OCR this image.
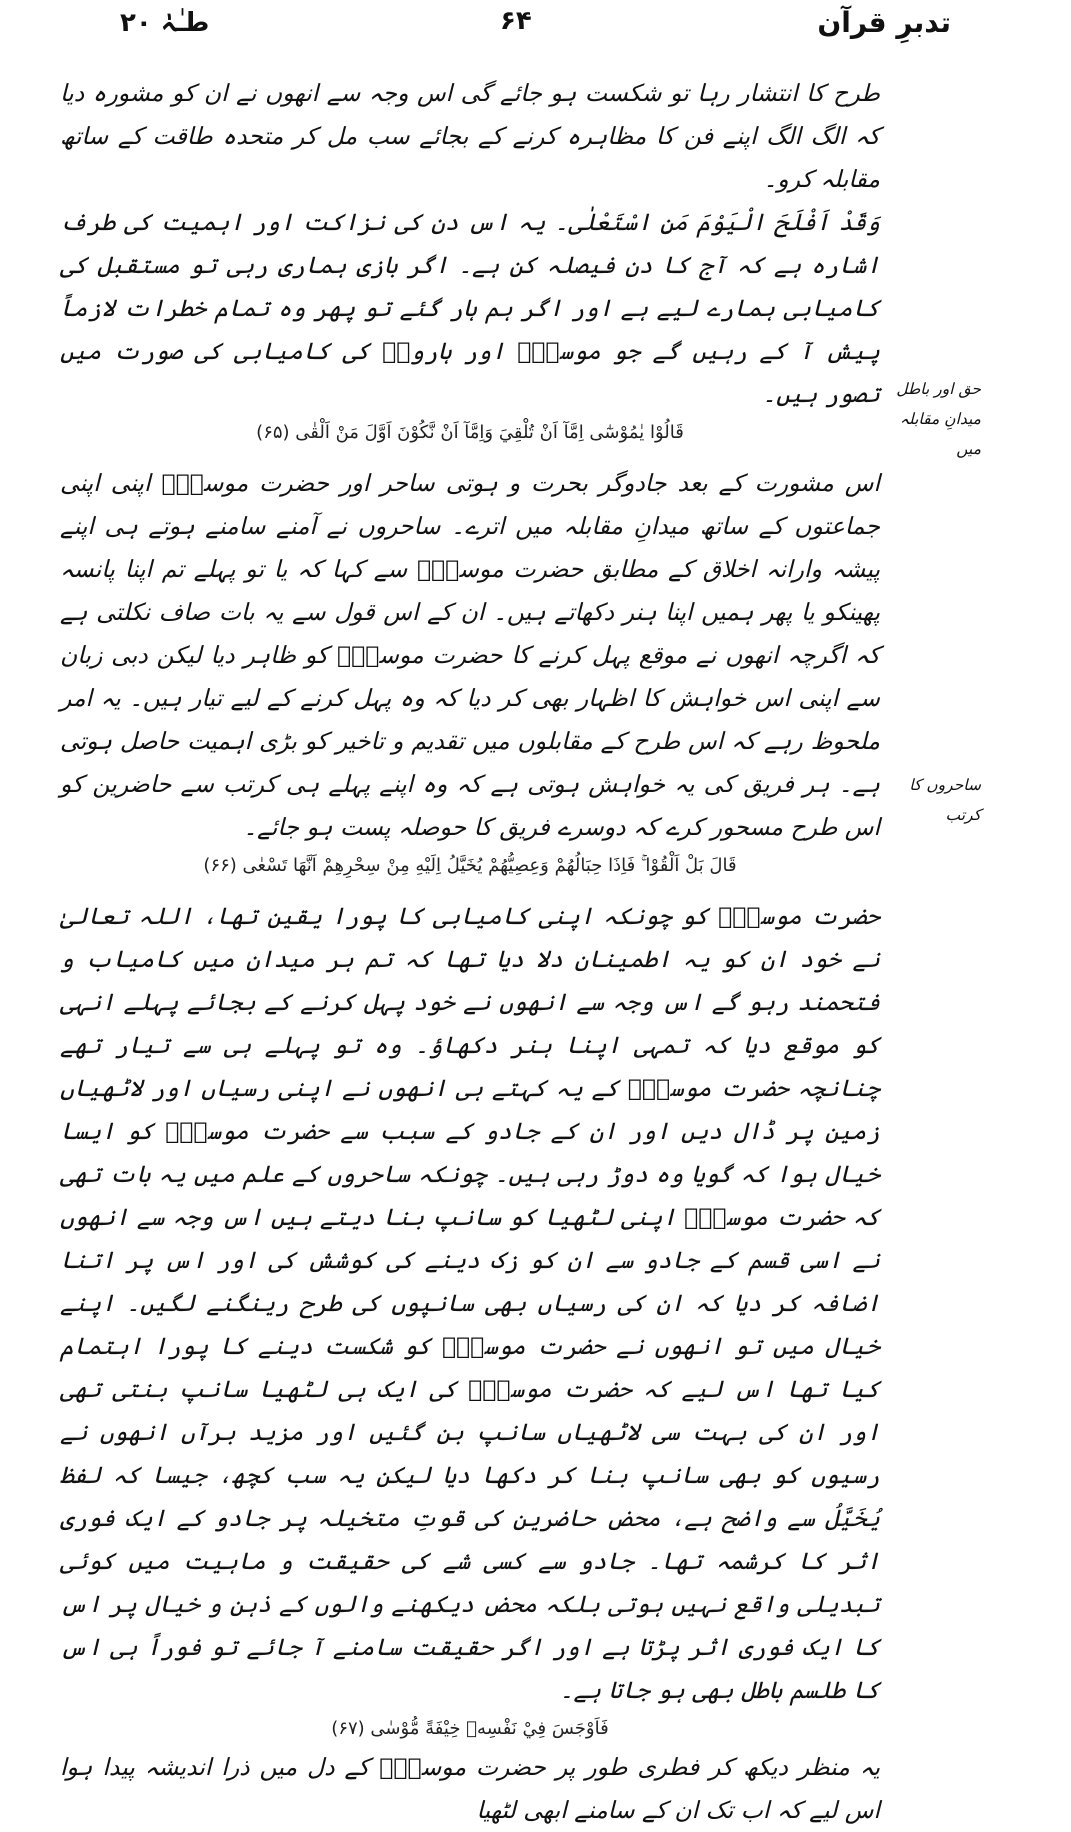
طـٰہٰ ۲۰	۶۴	تدبرِ قرآن

طرح کا انتشار رہا تو شکست ہو جائے گی اس وجہ سے انھوں نے ان کو مشورہ دیا کہ الگ الگ اپنے فن کا مظاہرہ کرنے کے بجائے سب مل کر متحدہ طاقت کے ساتھ مقابلہ کرو۔

وَقَدْ اَفْلَحَ الْيَوْمَ مَنِ اسْتَعْلٰى۔ یہ اس دن کی نزاکت اور اہمیت کی طرف اشارہ ہے کہ آج کا دن فیصلہ کن ہے۔ اگر بازی ہماری رہی تو مستقبل کی کامیابی ہمارے لیے ہے اور اگر ہم ہار گئے تو پھر وہ تمام خطرات لازماً پیش آ کے رہیں گے جو موسیٰؑ اور ہارونؑ کی کامیابی کی صورت میں تصور ہیں۔

قَالُوْا يٰمُوْسٰٓى اِمَّآ اَنْ تُلْقِيَ وَاِمَّآ اَنْ نَّكُوْنَ اَوَّلَ مَنْ اَلْقٰى (۶۵)

اس مشورت کے بعد جادوگر بحرت و ہوتی ساحر اور حضرت موسیٰؑ اپنی اپنی جماعتوں کے ساتھ میدانِ مقابلہ میں اترے۔ ساحروں نے آمنے سامنے ہوتے ہی اپنے پیشہ وارانہ اخلاق کے مطابق حضرت موسیٰؑ سے کہا کہ یا تو پہلے تم اپنا پانسہ پھینکو یا پھر ہمیں اپنا ہنر دکھاتے ہیں۔ ان کے اس قول سے یہ بات صاف نکلتی ہے کہ اگرچہ انھوں نے موقع پہل کرنے کا حضرت موسیٰؑ کو ظاہر دیا لیکن دبی زبان سے اپنی اس خواہش کا اظہار بھی کر دیا کہ وہ پہل کرنے کے لیے تیار ہیں۔ یہ امر ملحوظ رہے کہ اس طرح کے مقابلوں میں تقدیم و تاخیر کو بڑی اہمیت حاصل ہوتی ہے۔ ہر فریق کی یہ خواہش ہوتی ہے کہ وہ اپنے پہلے ہی کرتب سے حاضرین کو اس طرح مسحور کرے کہ دوسرے فریق کا حوصلہ پست ہو جائے۔

قَالَ بَلْ اَلْقُوْا ۚ فَاِذَا حِبَالُهُمْ وَعِصِيُّهُمْ يُخَيَّلُ اِلَيْهِ مِنْ سِحْرِهِمْ اَنَّهَا تَسْعٰى (۶۶)

حضرت موسیٰؑ کو چونکہ اپنی کامیابی کا پورا یقین تھا، اللہ تعالیٰ نے خود ان کو یہ اطمینان دلا دیا تھا کہ تم ہر میدان میں کامیاب و فتحمند رہو گے اس وجہ سے انھوں نے خود پہل کرنے کے بجائے پہلے انہی کو موقع دیا کہ تمہی اپنا ہنر دکھاؤ۔ وہ تو پہلے ہی سے تیار تھے چنانچہ حضرت موسیٰؑ کے یہ کہتے ہی انھوں نے اپنی رسیاں اور لاٹھیاں زمین پر ڈال دیں اور ان کے جادو کے سبب سے حضرت موسیٰؑ کو ایسا خیال ہوا کہ گویا وہ دوڑ رہی ہیں۔ چونکہ ساحروں کے علم میں یہ بات تھی کہ حضرت موسیٰؑ اپنی لٹھیا کو سانپ بنا دیتے ہیں اس وجہ سے انھوں نے اسی قسم کے جادو سے ان کو زک دینے کی کوشش کی اور اس پر اتنا اضافہ کر دیا کہ ان کی رسیاں بھی سانپوں کی طرح رینگنے لگیں۔ اپنے خیال میں تو انھوں نے حضرت موسیٰؑ کو شکست دینے کا پورا اہتمام کیا تھا اس لیے کہ حضرت موسیٰؑ کی ایک ہی لٹھیا سانپ بنتی تھی اور ان کی بہت سی لاٹھیاں سانپ بن گئیں اور مزید برآں انھوں نے رسیوں کو بھی سانپ بنا کر دکھا دیا لیکن یہ سب کچھ، جیسا کہ لفظ یُخَیَّلُ سے واضح ہے، محض حاضرین کی قوتِ متخیلہ پر جادو کے ایک فوری اثر کا کرشمہ تھا۔ جادو سے کسی شے کی حقیقت و ماہیت میں کوئی تبدیلی واقع نہیں ہوتی بلکہ محض دیکھنے والوں کے ذہن و خیال پر اس کا ایک فوری اثر پڑتا ہے اور اگر حقیقت سامنے آ جائے تو فوراً ہی اس کا طلسم باطل بھی ہو جاتا ہے۔

فَاَوْجَسَ فِيْ نَفْسِهٖ خِيْفَةً مُّوْسٰى (۶۷)

یہ منظر دیکھ کر فطری طور پر حضرت موسیٰؑ کے دل میں ذرا اندیشہ پیدا ہوا اس لیے کہ اب تک ان کے سامنے ابھی لٹھیا

حق اور باطل میدانِ مقابلہ میں
ساحروں کا کرتب
